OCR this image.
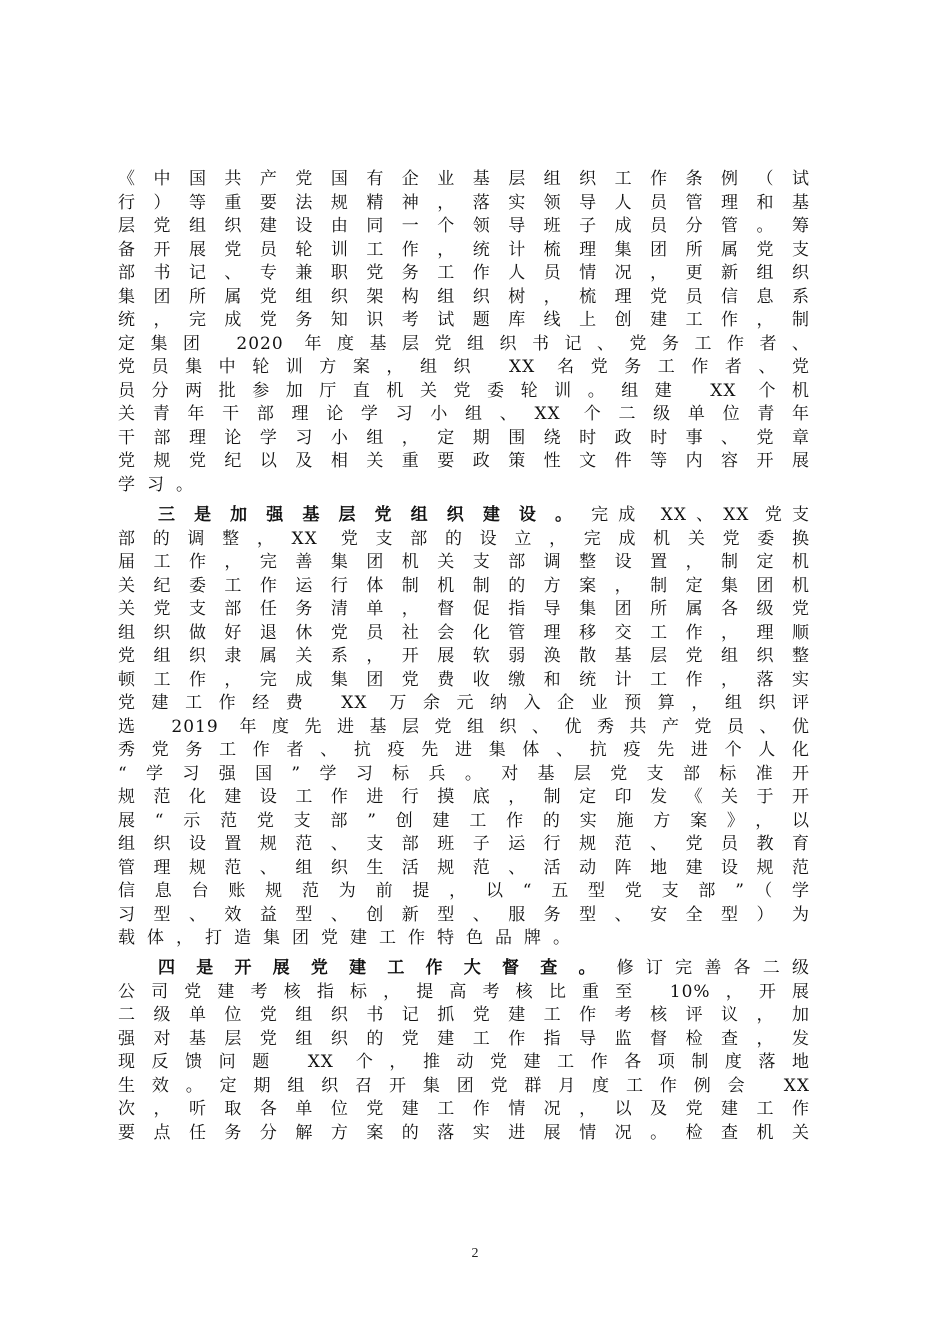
《中国共产党国有企业基层组织工作条例（试
行）等重要法规精神，落实领导人员管理和基
层党组织建设由同一个领导班子成员分管。筹
备开展党员轮训工作，统计梳理集团所属党支
部书记、专兼职党务工作人员情况，更新组织
集团所属党组织架构组织树，梳理党员信息系
统，完成党务知识考试题库线上创建工作，制
定集团 2020 年度基层党组织书记、党务工作者、
党员集中轮训方案，组织 XX 名党务工作者、党
员分两批参加厅直机关党委轮训。组建 XX 个机
关青年干部理论学习小组、XX 个二级单位青年
干部理论学习小组，定期围绕时政时事、党章
党规党纪以及相关重要政策性文件等内容开展
学习。
三是加强基层党组织建设。完成 XX、XX 党支
部的调整，XX 党支部的设立，完成机关党委换
届工作，完善集团机关支部调整设置，制定机
关纪委工作运行体制机制的方案，制定集团机
关党支部任务清单，督促指导集团所属各级党
组织做好退休党员社会化管理移交工作，理顺
党组织隶属关系，开展软弱涣散基层党组织整
顿工作，完成集团党费收缴和统计工作，落实
党建工作经费 XX 万余元纳入企业预算，组织评
选 2019 年度先进基层党组织、优秀共产党员、优
秀党务工作者、抗疫先进集体、抗疫先进个人化
“学习强国”学习标兵。对基层党支部标准开
规范化建设工作进行摸底，制定印发《关于开
展“示范党支部”创建工作的实施方案》，以
组织设置规范、支部班子运行规范、党员教育
管理规范、组织生活规范、活动阵地建设规范
信息台账规范为前提，以“五型党支部”（学
习型、效益型、创新型、服务型、安全型）为
载体，打造集团党建工作特色品牌。
四是开展党建工作大督查。修订完善各二级
公司党建考核指标，提高考核比重至 10%，开展
二级单位党组织书记抓党建工作考核评议，加
强对基层党组织的党建工作指导监督检查，发
现反馈问题 XX 个，推动党建工作各项制度落地
生效。定期组织召开集团党群月度工作例会 XX
次，听取各单位党建工作情况，以及党建工作
要点任务分解方案的落实进展情况。检查机关
2
